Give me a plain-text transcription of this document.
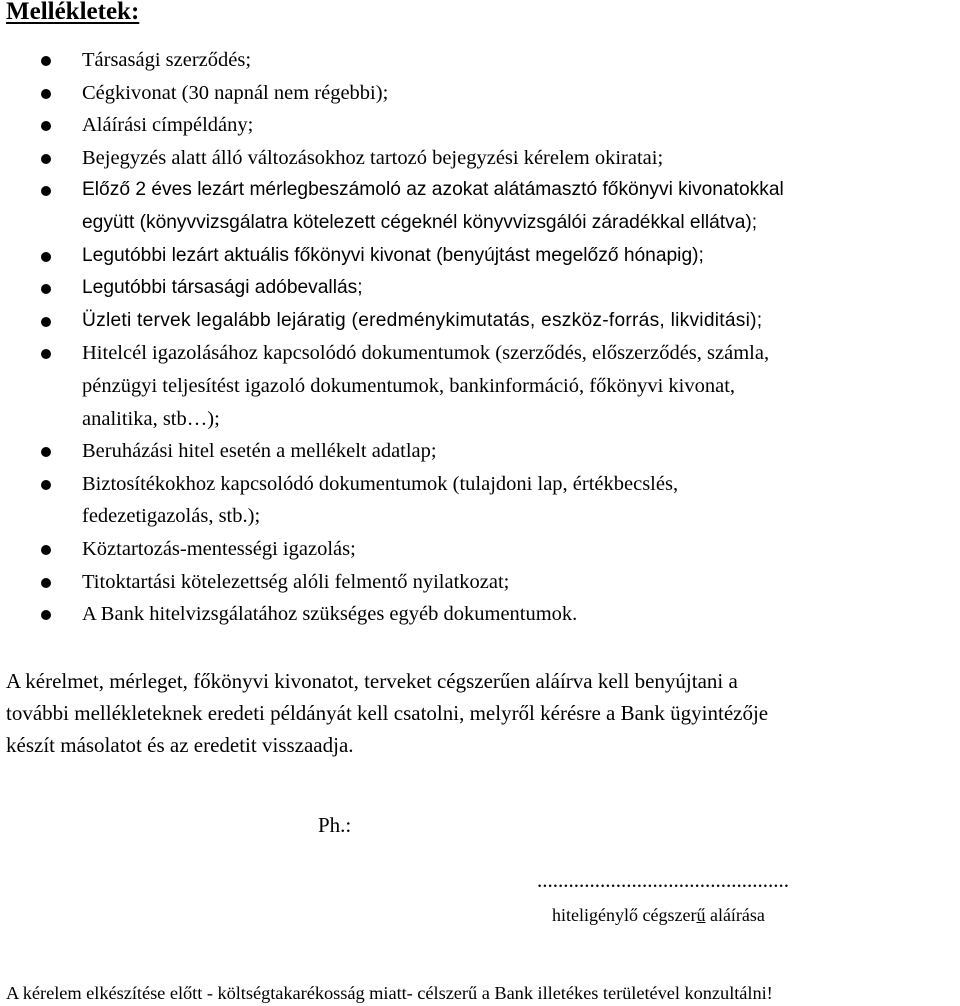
Mellékletek:
Társasági szerződés;
Cégkivonat (30 napnál nem régebbi);
Aláírási címpéldány;
Bejegyzés alatt álló változásokhoz tartozó bejegyzési kérelem okiratai;
Előző 2 éves lezárt mérlegbeszámoló az azokat alátámasztó főkönyvi kivonatokkal
együtt (könyvvizsgálatra kötelezett cégeknél könyvvizsgálói záradékkal ellátva);
Legutóbbi lezárt aktuális főkönyvi kivonat (benyújtást megelőző hónapig);
Legutóbbi társasági adóbevallás;
Üzleti tervek legalább lejáratig (eredménykimutatás, eszköz-forrás, likviditási);
Hitelcél igazolásához kapcsolódó dokumentumok (szerződés, előszerződés, számla,
pénzügyi teljesítést igazoló dokumentumok, bankinformáció, főkönyvi kivonat,
analitika, stb…);
Beruházási hitel esetén a mellékelt adatlap;
Biztosítékokhoz kapcsolódó dokumentumok (tulajdoni lap, értékbecslés,
fedezetigazolás, stb.);
Köztartozás-mentességi igazolás;
Titoktartási kötelezettség alóli felmentő nyilatkozat;
A Bank hitelvizsgálatához szükséges egyéb dokumentumok.

A kérelmet, mérleget, főkönyvi kivonatot, terveket cégszerűen aláírva kell benyújtani a
további mellékleteknek eredeti példányát kell csatolni, melyről kérésre a Bank ügyintézője
készít másolatot és az eredetit visszaadja.

Ph.:
................................................
hiteligénylő cégszerű aláírása
A kérelem elkészítése előtt - költségtakarékosság miatt- célszerű a Bank illetékes területével konzultálni!
